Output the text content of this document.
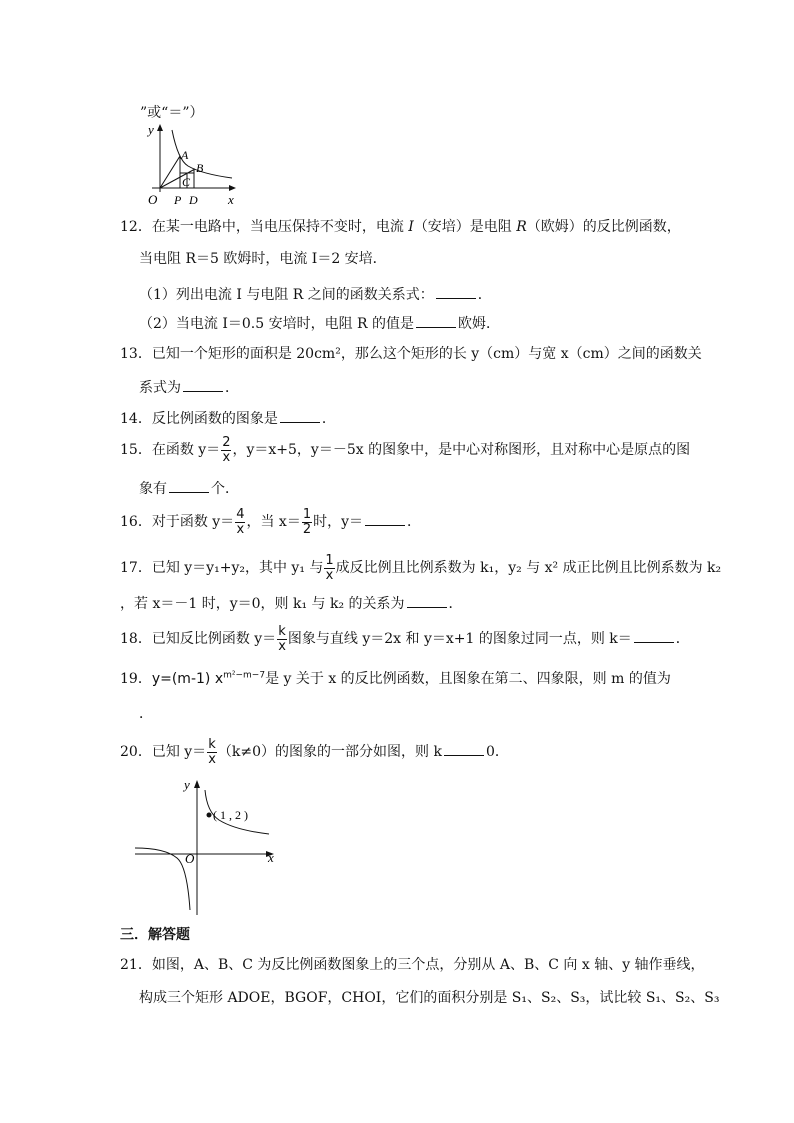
”或“＝”）
y
x
O
A
B
C
P D
12．在某一电路中，当电压保持不变时，电流 I（安培）是电阻 R（欧姆）的反比例函数，
当电阻 R＝5 欧姆时，电流 I＝2 安培．
（1）列出电流 I 与电阻 R 之间的函数关系式：	．
（2）当电流 I＝0.5 安培时，电阻 R 的值是	欧姆．
13．已知一个矩形的面积是 20cm²，那么这个矩形的长 y（cm）与宽 x（cm）之间的函数关
系式为	．
14．反比例函数的图象是	．
15．在函数 $y= \frac{2}{x}$ ，y＝x+5，y＝－5x 的图象中，是中心对称图形，且对称中心是原点的图
象有	个．
16．对于函数 $y= \frac{4}{x}$ ，当 $x= \frac{1}{2}$ 时，y＝	．
17．已知 y＝y₁+y₂，其中 y₁ 与 $\frac{1}{x}$ 成反比例且比例系数为 k₁，y₂ 与 x² 成正比例且比例系数为 k₂
，若 x＝－1 时，y＝0，则 k₁ 与 k₂ 的关系为	．
18．已知反比例函数 $y= \frac{k}{x}$ 图象与直线 y＝2x 和 y＝x+1 的图象过同一点，则 k＝	．
19．y=(m-1) $x^{m^2-m-7}$是 y 关于 x 的反比例函数，且图象在第二、四象限，则 m 的值为
．
20．已知 $y= \frac{k}{x} (k\ne 0)$的图象的一部分如图，则 k	0．
( 1 , 2 )
y
x
O
三．解答题
21．如图，A、B、C 为反比例函数图象上的三个点，分别从 A、B、C 向 x 轴、y 轴作垂线，
构成三个矩形 ADOE，BGOF，CHOI，它们的面积分别是 S₁、S₂、S₃，试比较 S₁、S₂、S₃
